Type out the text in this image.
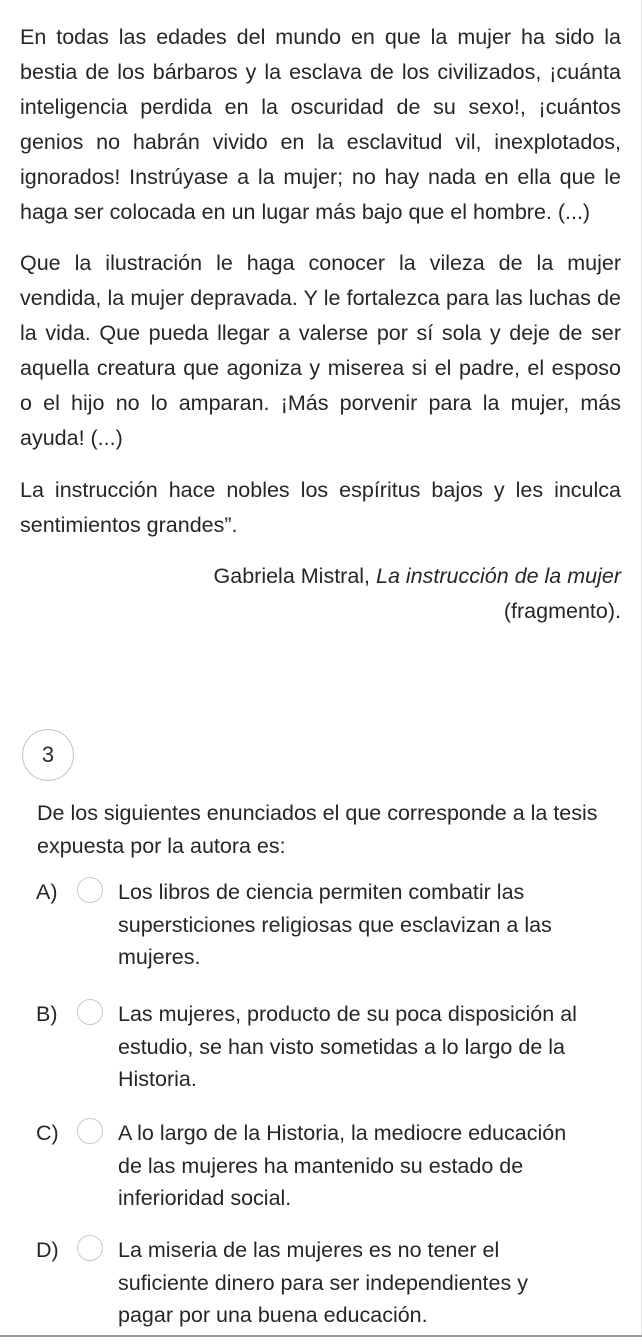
En todas las edades del mundo en que la mujer ha sido la bestia de los bárbaros y la esclava de los civilizados, ¡cuánta inteligencia perdida en la oscuridad de su sexo!, ¡cuántos genios no habrán vivido en la esclavitud vil, inexplotados, ignorados! Instrúyase a la mujer; no hay nada en ella que le haga ser colocada en un lugar más bajo que el hombre. (...)

Que la ilustración le haga conocer la vileza de la mujer vendida, la mujer depravada. Y le fortalezca para las luchas de la vida. Que pueda llegar a valerse por sí sola y deje de ser aquella creatura que agoniza y miserea si el padre, el esposo o el hijo no lo amparan. ¡Más porvenir para la mujer, más ayuda! (...)

La instrucción hace nobles los espíritus bajos y les inculca sentimientos grandes”.

Gabriela Mistral, La instrucción de la mujer
(fragmento).
3
De los siguientes enunciados el que corresponde a la tesis expuesta por la autora es:
A)	Los libros de ciencia permiten combatir las supersticiones religiosas que esclavizan a las mujeres.
B)	Las mujeres, producto de su poca disposición al estudio, se han visto sometidas a lo largo de la Historia.
C)	A lo largo de la Historia, la mediocre educación de las mujeres ha mantenido su estado de inferioridad social.
D)	La miseria de las mujeres es no tener el suficiente dinero para ser independientes y pagar por una buena educación.
